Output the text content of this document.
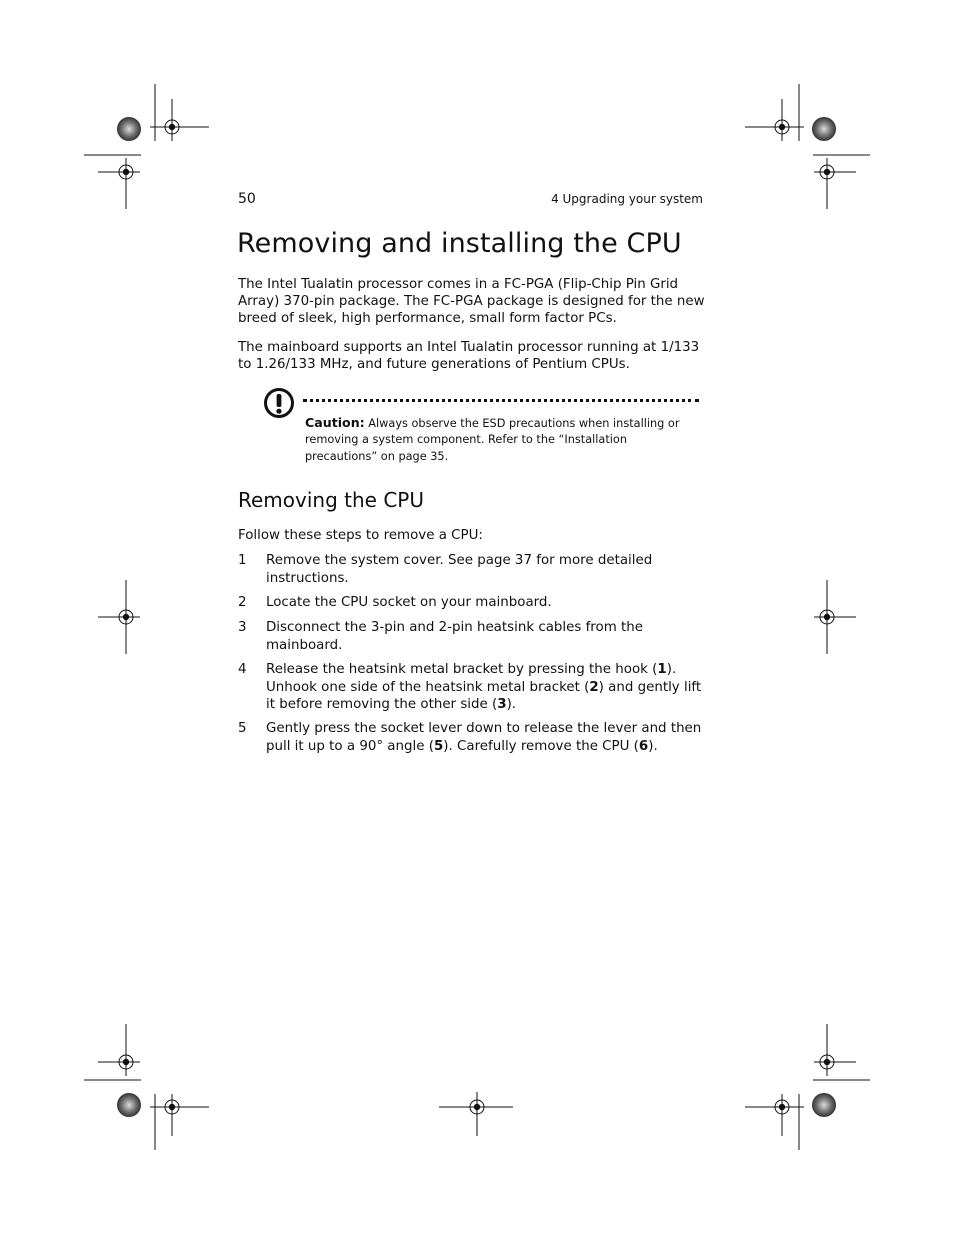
50	4 Upgrading your system
Removing and installing the CPU

The Intel Tualatin processor comes in a FC-PGA (Flip-Chip Pin Grid Array) 370-pin package. The FC-PGA package is designed for the new breed of sleek, high performance, small form factor PCs.

The mainboard supports an Intel Tualatin processor running at 1/133 to 1.26/133 MHz, and future generations of Pentium CPUs.

Caution: Always observe the ESD precautions when installing or removing a system component. Refer to the “Installation precautions” on page 35.

Removing the CPU

Follow these steps to remove a CPU:

1 Remove the system cover. See page 37 for more detailed instructions.
2 Locate the CPU socket on your mainboard.
3 Disconnect the 3-pin and 2-pin heatsink cables from the mainboard.
4 Release the heatsink metal bracket by pressing the hook (1). Unhook one side of the heatsink metal bracket (2) and gently lift it before removing the other side (3).
5 Gently press the socket lever down to release the lever and then pull it up to a 90° angle (5). Carefully remove the CPU (6).
